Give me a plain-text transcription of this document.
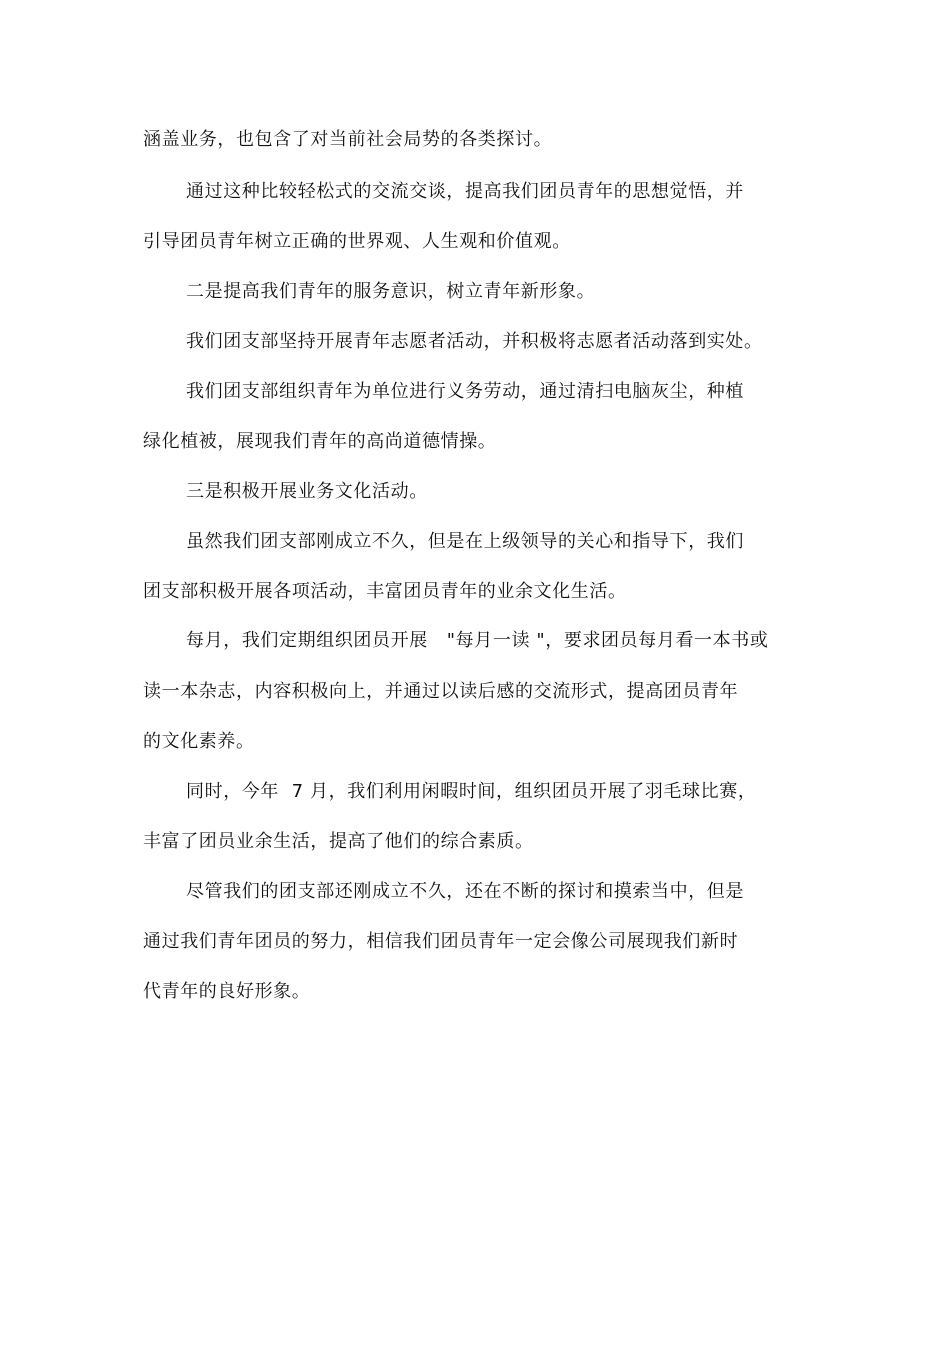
涵盖业务，也包含了对当前社会局势的各类探讨。
通过这种比较轻松式的交流交谈，提高我们团员青年的思想觉悟，并
引导团员青年树立正确的世界观、人生观和价值观。
二是提高我们青年的服务意识，树立青年新形象。
我们团支部坚持开展青年志愿者活动，并积极将志愿者活动落到实处。
我们团支部组织青年为单位进行义务劳动，通过清扫电脑灰尘，种植
绿化植被，展现我们青年的高尚道德情操。
三是积极开展业务文化活动。
虽然我们团支部刚成立不久，但是在上级领导的关心和指导下，我们
团支部积极开展各项活动，丰富团员青年的业余文化生活。
每月，我们定期组织团员开展   "每月一读 "，要求团员每月看一本书或
读一本杂志，内容积极向上，并通过以读后感的交流形式，提高团员青年
的文化素养。
同时，今年  7 月，我们利用闲暇时间，组织团员开展了羽毛球比赛，
丰富了团员业余生活，提高了他们的综合素质。
尽管我们的团支部还刚成立不久，还在不断的探讨和摸索当中，但是
通过我们青年团员的努力，相信我们团员青年一定会像公司展现我们新时
代青年的良好形象。
